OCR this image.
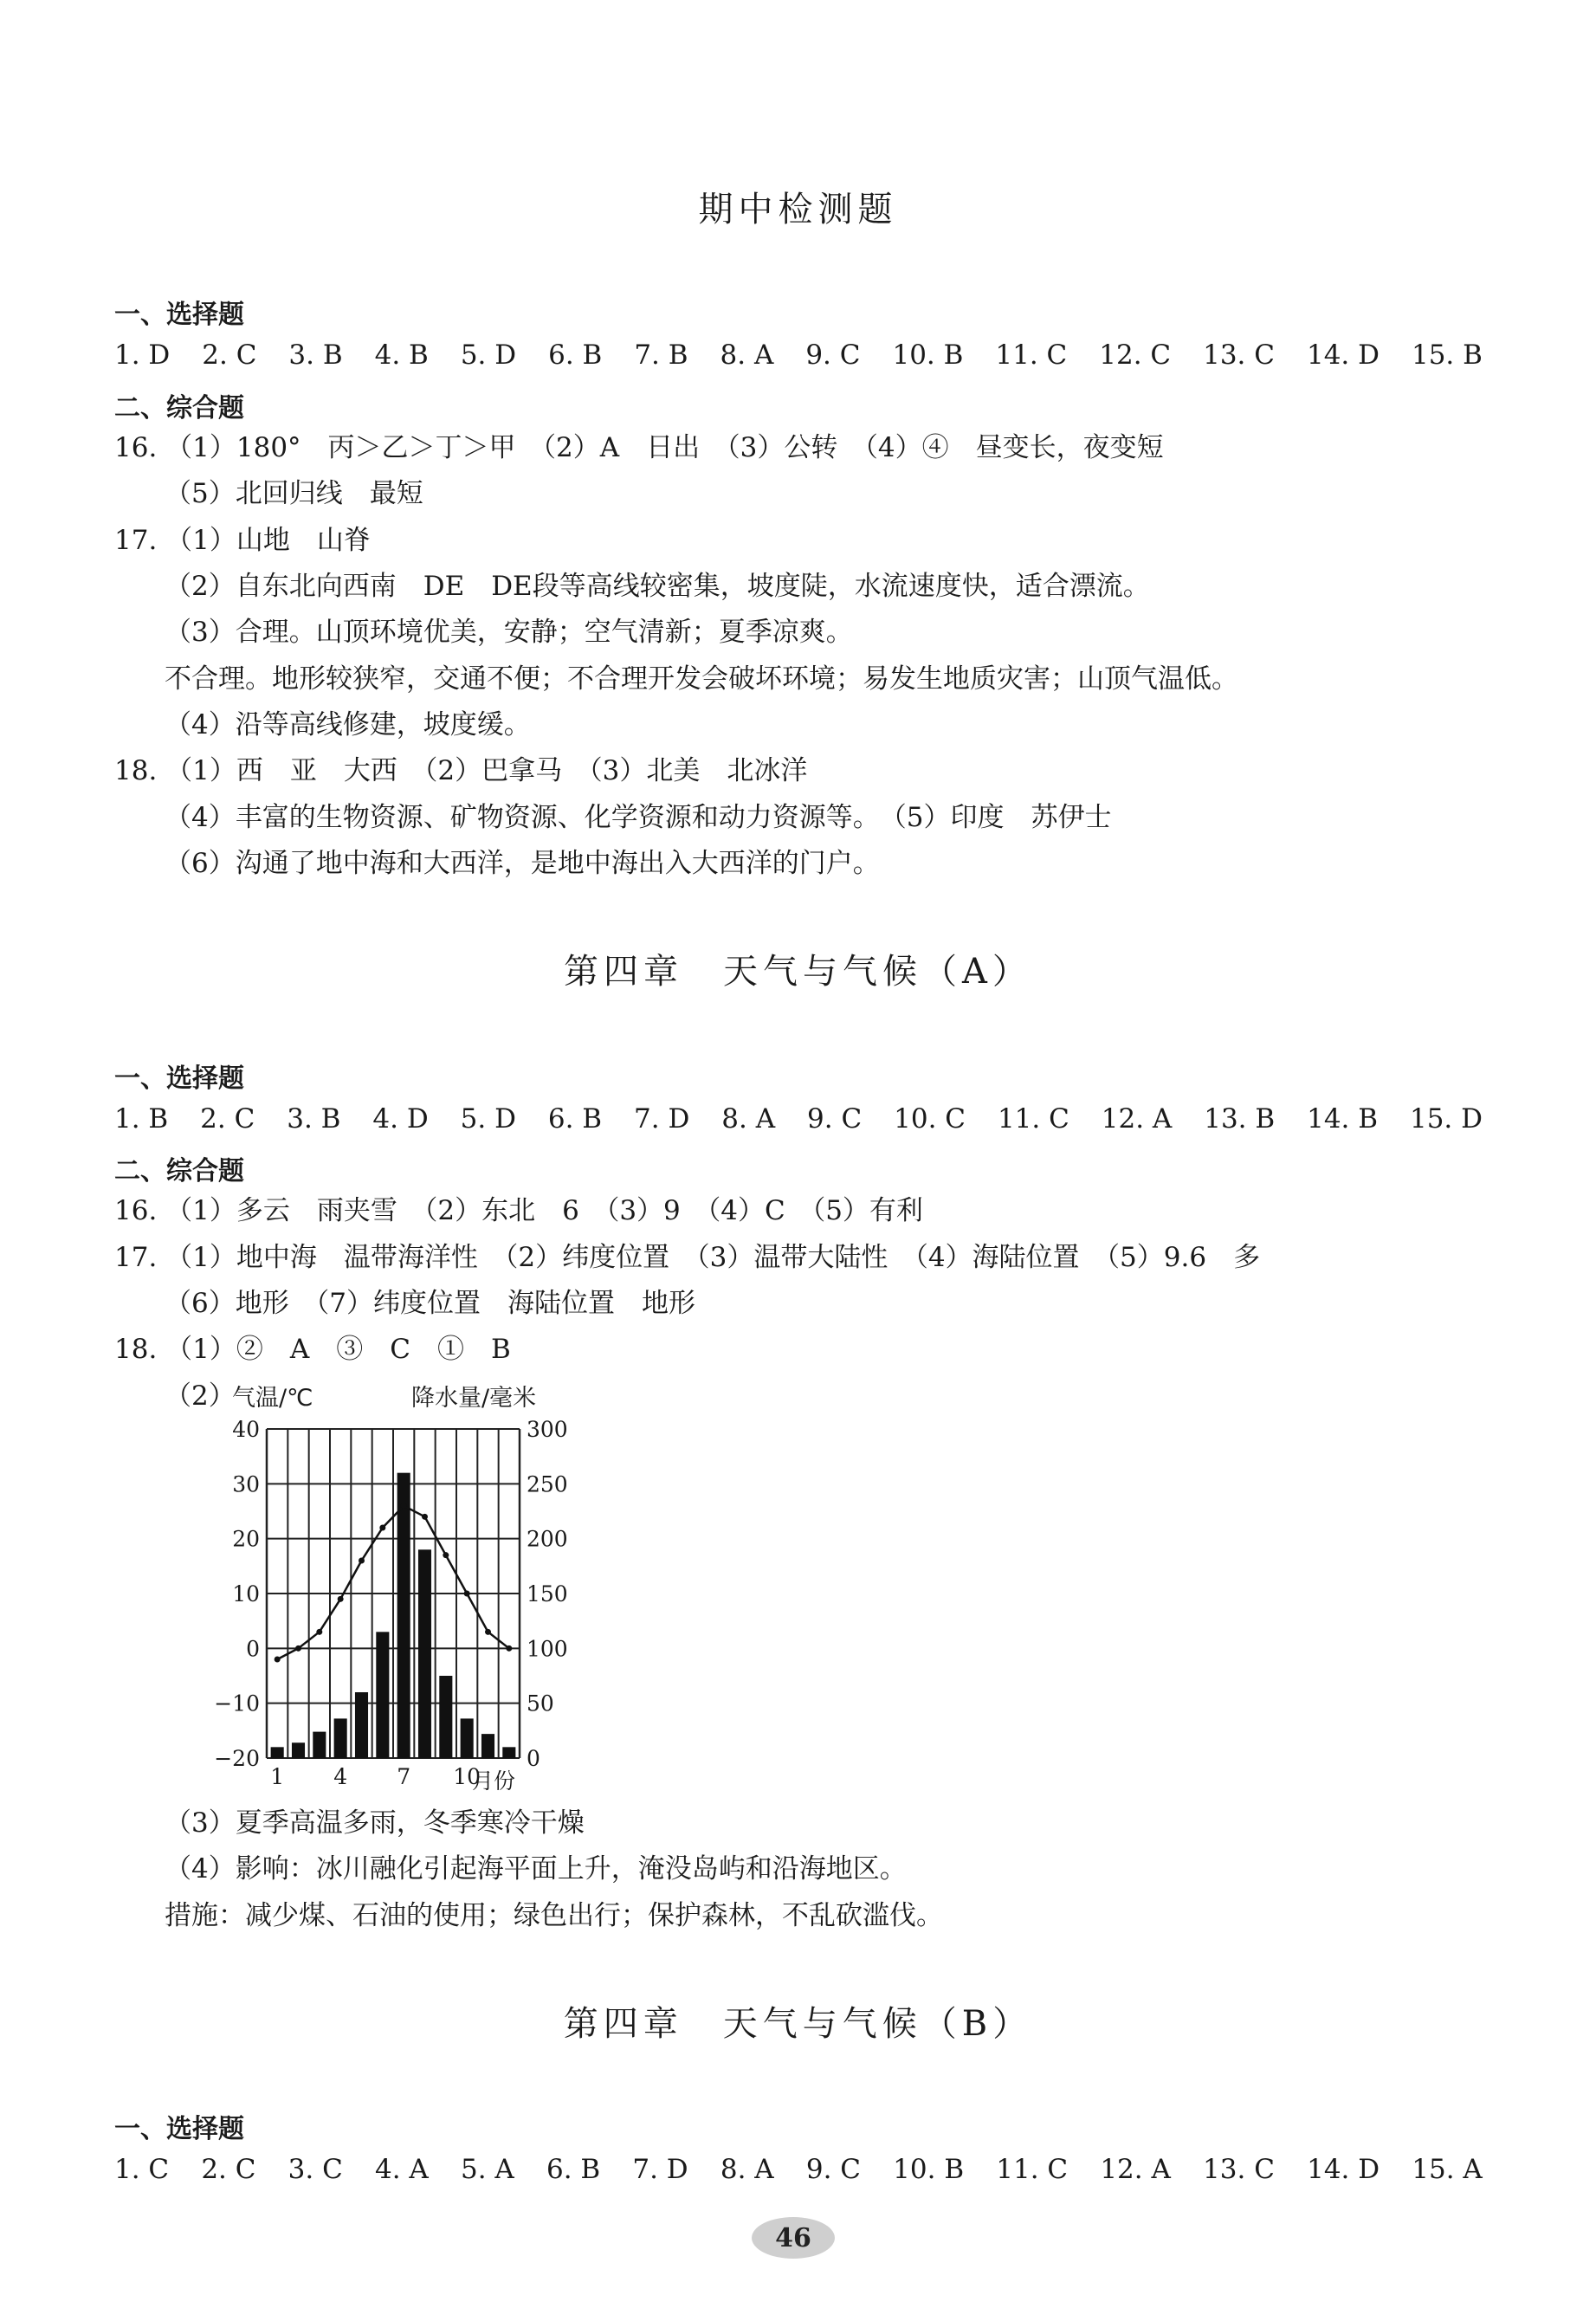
期中检测题
一、选择题
1. D 2. C 3. B 4. B 5. D 6. B 7. B 8. A 9. C 10. B 11. C 12. C 13. C 14. D 15. B
二、综合题
16. （1）180°　丙＞乙＞丁＞甲　（2）A　日出　（3）公转　（4）④　昼变长，夜变短
（5）北回归线　最短
17. （1）山地　山脊
（2）自东北向西南　DE　DE段等高线较密集，坡度陡，水流速度快，适合漂流。
（3）合理。山顶环境优美，安静；空气清新；夏季凉爽。
不合理。地形较狭窄，交通不便；不合理开发会破坏环境；易发生地质灾害；山顶气温低。
（4）沿等高线修建，坡度缓。
18. （1）西　亚　大西　（2）巴拿马　（3）北美　北冰洋
（4）丰富的生物资源、矿物资源、化学资源和动力资源等。　（5）印度　苏伊士
（6）沟通了地中海和大西洋，是地中海出入大西洋的门户。
第四章　天气与气候（A）
一、选择题
1. B 2. C 3. B 4. D 5. D 6. B 7. D 8. A 9. C 10. C 11. C 12. A 13. B 14. B 15. D
二、综合题
16. （1）多云　雨夹雪　（2）东北　6　（3）9　（4）C　（5）有利
17. （1）地中海　温带海洋性　（2）纬度位置　（3）温带大陆性　（4）海陆位置　（5）9.6　多
（6）地形　（7）纬度位置　海陆位置　地形
18. （1）②　A　③　C　①　B
（2）
气温/℃	降水量/毫米
月份
40
30
20
10
0
−10
−20
300
250
200
150
100
50
0
1 4 7 10
（3）夏季高温多雨，冬季寒冷干燥
（4）影响：冰川融化引起海平面上升，淹没岛屿和沿海地区。
措施：减少煤、石油的使用；绿色出行；保护森林，不乱砍滥伐。
第四章　天气与气候（B）
一、选择题
1. C 2. C 3. C 4. A 5. A 6. B 7. D 8. A 9. C 10. B 11. C 12. A 13. C 14. D 15. A
46
